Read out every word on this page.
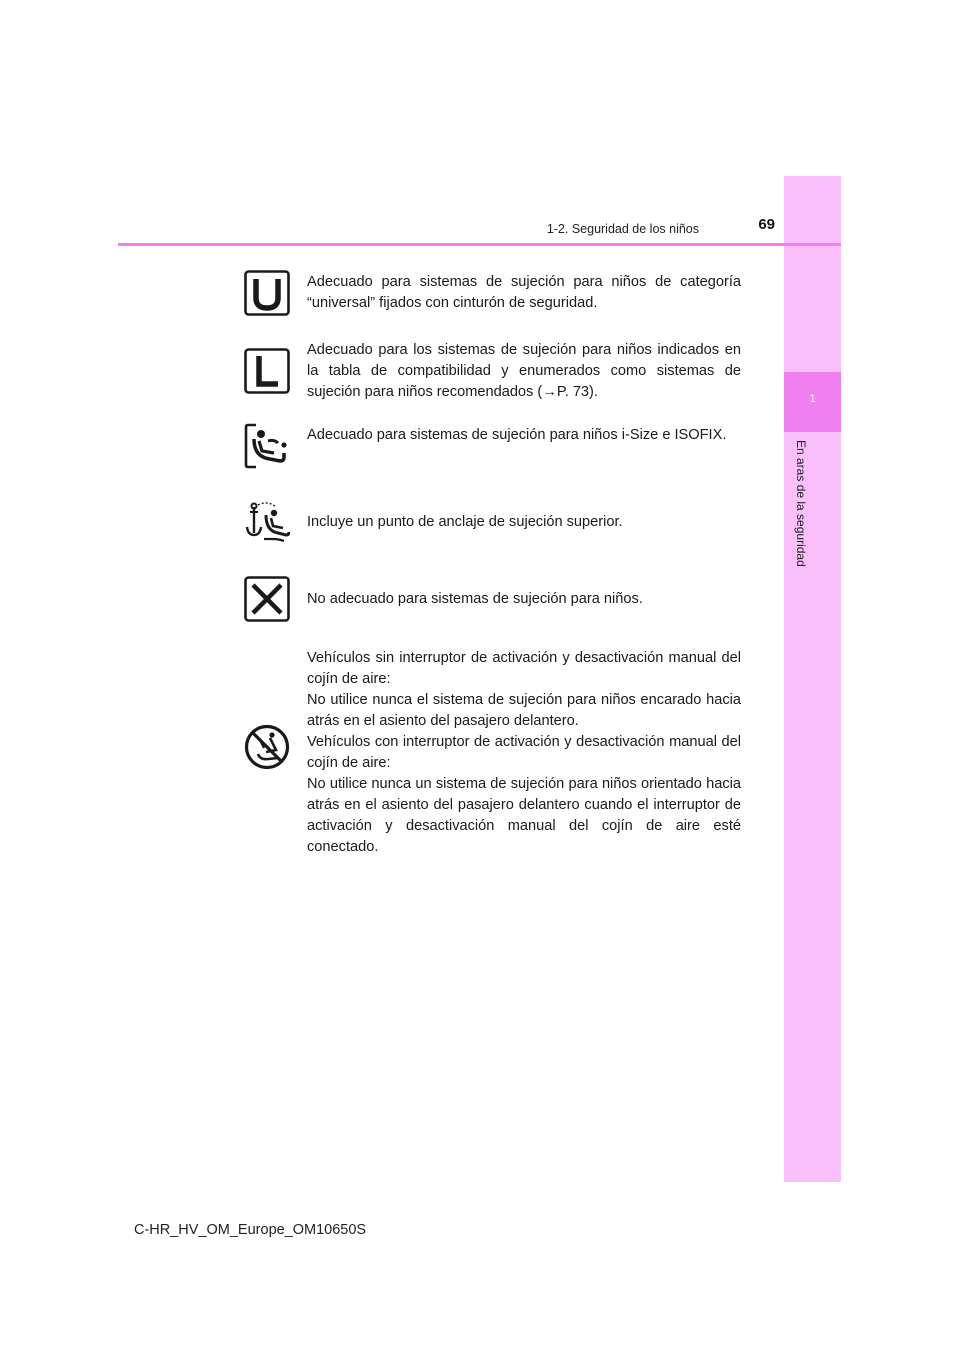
1
En aras de la seguridad
1-2. Seguridad de los niños	69
Adecuado para sistemas de sujeción para niños de categoría “universal” fijados con cinturón de seguridad.
Adecuado para los sistemas de sujeción para niños indicados en la tabla de compatibilidad y enumerados como sistemas de sujeción para niños recomendados (→P. 73).
Adecuado para sistemas de sujeción para niños i-Size e ISOFIX.
Incluye un punto de anclaje de sujeción superior.
No adecuado para sistemas de sujeción para niños.
Vehículos sin interruptor de activación y desactivación manual del cojín de aire:
No utilice nunca el sistema de sujeción para niños encarado hacia atrás en el asiento del pasajero delantero.
Vehículos con interruptor de activación y desactivación manual del cojín de aire:
No utilice nunca un sistema de sujeción para niños orientado hacia atrás en el asiento del pasajero delantero cuando el interruptor de activación y desactivación manual del cojín de aire esté conectado.
C-HR_HV_OM_Europe_OM10650S
